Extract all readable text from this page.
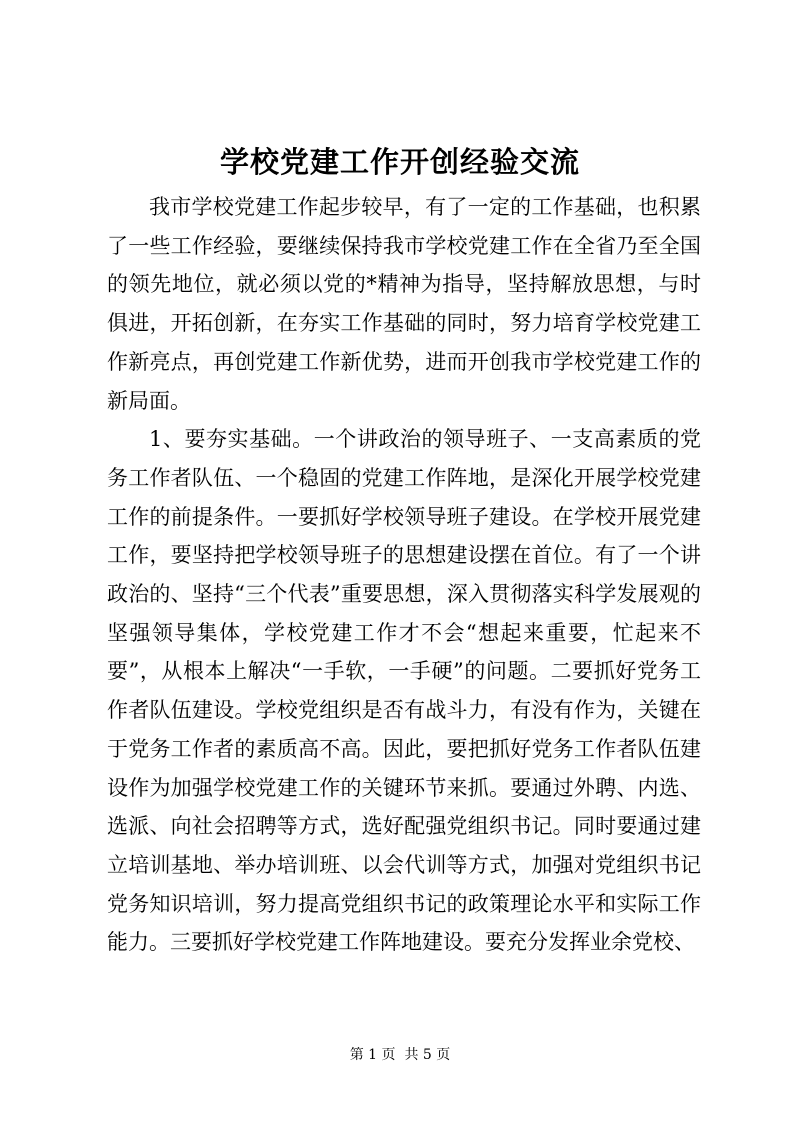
学校党建工作开创经验交流

我市学校党建工作起步较早，有了一定的工作基础，也积累了一些工作经验，要继续保持我市学校党建工作在全省乃至全国的领先地位，就必须以党的*精神为指导，坚持解放思想，与时俱进，开拓创新，在夯实工作基础的同时，努力培育学校党建工作新亮点，再创党建工作新优势，进而开创我市学校党建工作的新局面。

1、要夯实基础。一个讲政治的领导班子、一支高素质的党务工作者队伍、一个稳固的党建工作阵地，是深化开展学校党建工作的前提条件。一要抓好学校领导班子建设。在学校开展党建工作，要坚持把学校领导班子的思想建设摆在首位。有了一个讲政治的、坚持“三个代表”重要思想，深入贯彻落实科学发展观的坚强领导集体，学校党建工作才不会“想起来重要，忙起来不要”，从根本上解决“一手软，一手硬”的问题。二要抓好党务工作者队伍建设。学校党组织是否有战斗力，有没有作为，关键在于党务工作者的素质高不高。因此，要把抓好党务工作者队伍建设作为加强学校党建工作的关键环节来抓。要通过外聘、内选、选派、向社会招聘等方式，选好配强党组织书记。同时要通过建立培训基地、举办培训班、以会代训等方式，加强对党组织书记党务知识培训，努力提高党组织书记的政策理论水平和实际工作能力。三要抓好学校党建工作阵地建设。要充分发挥业余党校、

第 1 页  共 5 页
